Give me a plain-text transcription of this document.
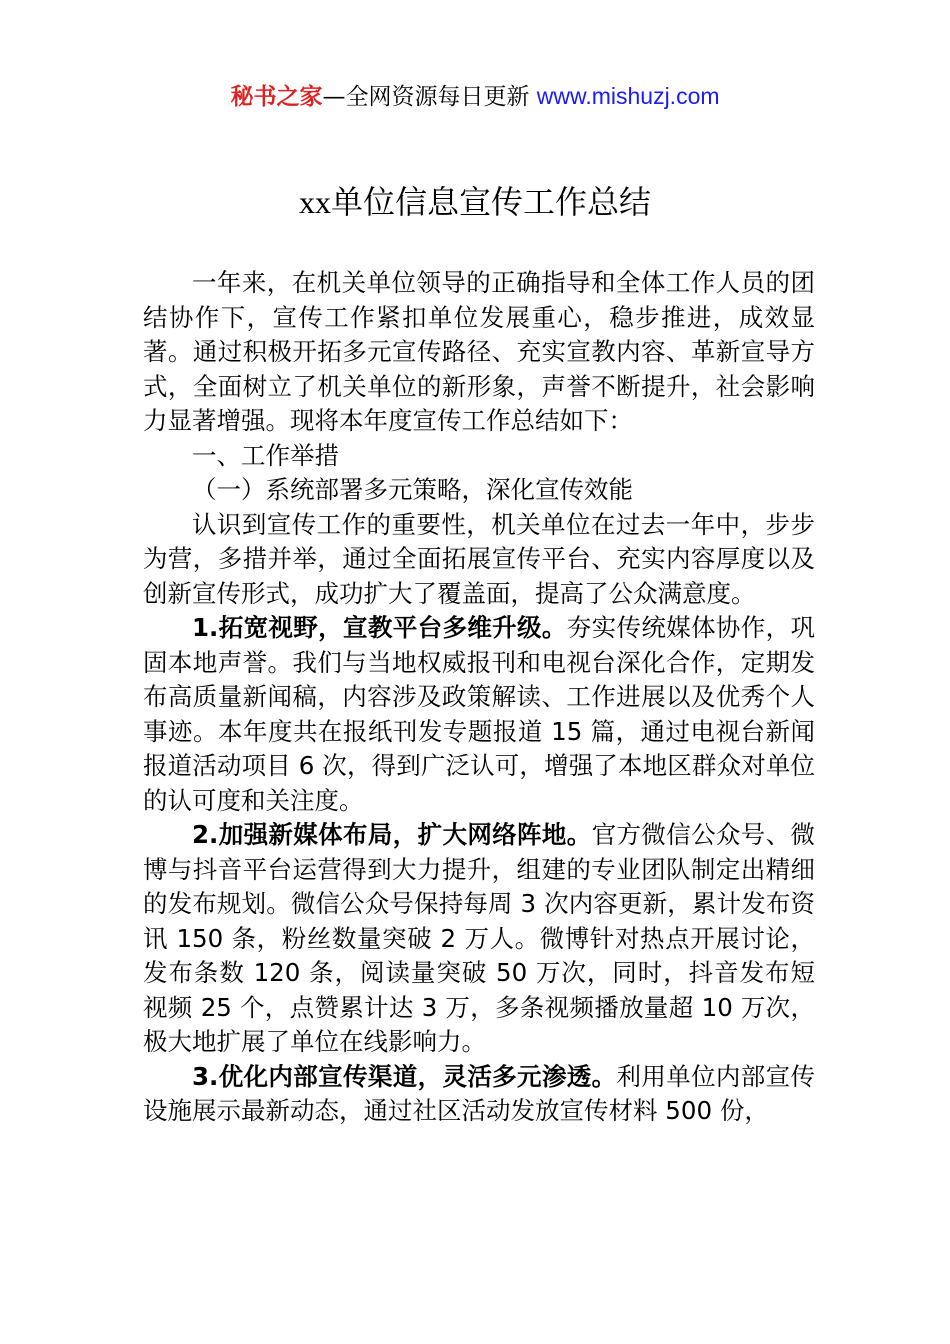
秘书之家—全网资源每日更新 www.mishuzj.com
xx单位信息宣传工作总结

一年来，在机关单位领导的正确指导和全体工作人员的团结协作下，宣传工作紧扣单位发展重心，稳步推进，成效显著。通过积极开拓多元宣传路径、充实宣教内容、革新宣导方式，全面树立了机关单位的新形象，声誉不断提升，社会影响力显著增强。现将本年度宣传工作总结如下：

一、工作举措

（一）系统部署多元策略，深化宣传效能

认识到宣传工作的重要性，机关单位在过去一年中，步步为营，多措并举，通过全面拓展宣传平台、充实内容厚度以及创新宣传形式，成功扩大了覆盖面，提高了公众满意度。

1.拓宽视野，宣教平台多维升级。夯实传统媒体协作，巩固本地声誉。我们与当地权威报刊和电视台深化合作，定期发布高质量新闻稿，内容涉及政策解读、工作进展以及优秀个人事迹。本年度共在报纸刊发专题报道 15 篇，通过电视台新闻报道活动项目 6 次，得到广泛认可，增强了本地区群众对单位的认可度和关注度。

2.加强新媒体布局，扩大网络阵地。官方微信公众号、微博与抖音平台运营得到大力提升，组建的专业团队制定出精细的发布规划。微信公众号保持每周 3 次内容更新，累计发布资讯 150 条，粉丝数量突破 2 万人。微博针对热点开展讨论，发布条数 120 条，阅读量突破 50 万次，同时，抖音发布短视频 25 个，点赞累计达 3 万，多条视频播放量超 10 万次，极大地扩展了单位在线影响力。

3.优化内部宣传渠道，灵活多元渗透。利用单位内部宣传设施展示最新动态，通过社区活动发放宣传材料 500 份，
